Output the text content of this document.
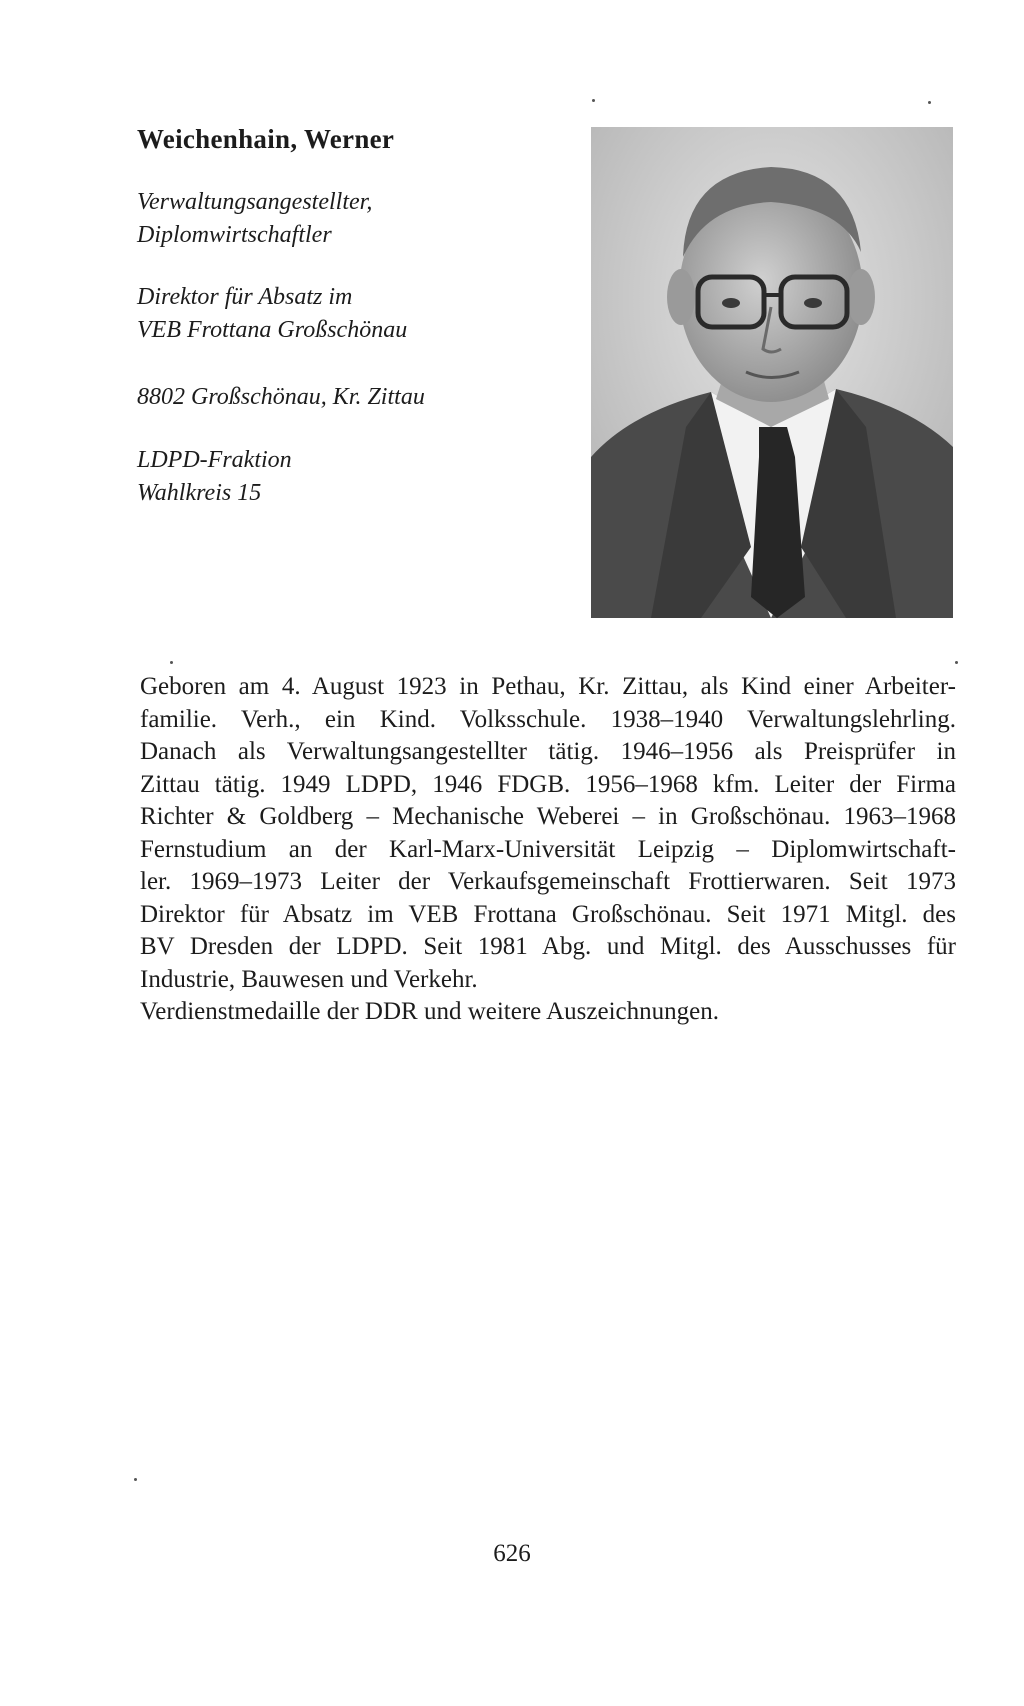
Weichenhain, Werner

Verwaltungsangestellter,
Diplomwirtschaftler

Direktor für Absatz im
VEB Frottana Großschönau

8802 Großschönau, Kr. Zittau

LDPD-Fraktion
Wahlkreis 15

Geboren am 4. August 1923 in Pethau, Kr. Zittau, als Kind einer Arbeiter-
familie. Verh., ein Kind. Volksschule. 1938–1940 Verwaltungslehrling.
Danach als Verwaltungsangestellter tätig. 1946–1956 als Preisprüfer in
Zittau tätig. 1949 LDPD, 1946 FDGB. 1956–1968 kfm. Leiter der Firma
Richter & Goldberg – Mechanische Weberei – in Großschönau. 1963–1968
Fernstudium an der Karl-Marx-Universität Leipzig – Diplomwirtschaft-
ler. 1969–1973 Leiter der Verkaufsgemeinschaft Frottierwaren. Seit 1973
Direktor für Absatz im VEB Frottana Großschönau. Seit 1971 Mitgl. des
BV Dresden der LDPD. Seit 1981 Abg. und Mitgl. des Ausschusses für
Industrie, Bauwesen und Verkehr.
Verdienstmedaille der DDR und weitere Auszeichnungen.

626
